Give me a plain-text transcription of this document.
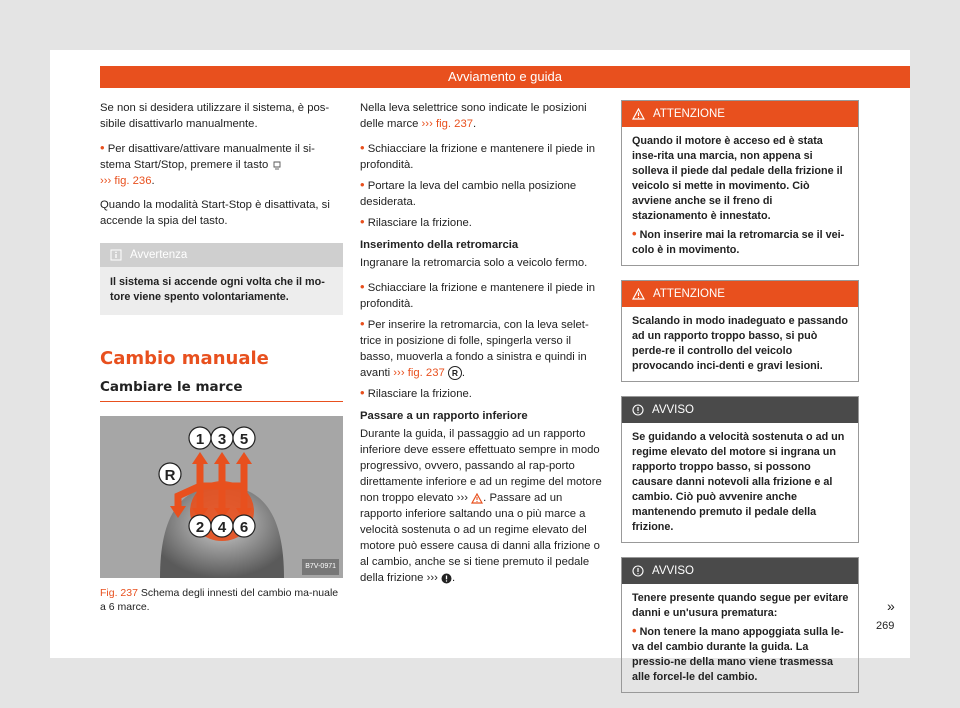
Avviamento e guida

Se non si desidera utilizzare il sistema, è pos-sibile disattivarlo manualmente.

• Per disattivare/attivare manualmente il si-stema Start/Stop, premere il tasto
››› fig. 236.

Quando la modalità Start-Stop è disattivata, si accende la spia del tasto.

Avvertenza
Il sistema si accende ogni volta che il mo-tore viene spento volontariamente.
Cambio manuale
Cambiare le marce
1 3 5
R
2 4 6
B7V-0971
Fig. 237 Schema degli innesti del cambio ma-nuale a 6 marce.

Nella leva selettrice sono indicate le posizioni delle marce ››› fig. 237.

• Schiacciare la frizione e mantenere il piede in profondità.

• Portare la leva del cambio nella posizione desiderata.

• Rilasciare la frizione.

Inserimento della retromarcia

Ingranare la retromarcia solo a veicolo fermo.

• Schiacciare la frizione e mantenere il piede in profondità.

• Per inserire la retromarcia, con la leva selet-trice in posizione di folle, spingerla verso il basso, muoverla a fondo a sinistra e quindi in avanti ››› fig. 237 R .

• Rilasciare la frizione.

Passare a un rapporto inferiore

Durante la guida, il passaggio ad un rapporto inferiore deve essere effettuato sempre in modo progressivo, ovvero, passando al rap-porto direttamente inferiore e ad un regime del motore non troppo elevato ››› . Passare ad un rapporto inferiore saltando una o più marce a velocità sostenuta o ad un regime elevato del motore può essere causa di danni alla frizione o al cambio, anche se si tiene premuto il pedale della frizione ››› .

ATTENZIONE
Quando il motore è acceso ed è stata inse-rita una marcia, non appena si solleva il piede dal pedale della frizione il veicolo si mette in movimento. Ciò avviene anche se il freno di stazionamento è innestato.
• Non inserire mai la retromarcia se il vei-colo è in movimento.
ATTENZIONE
Scalando in modo inadeguato e passando ad un rapporto troppo basso, si può perde-re il controllo del veicolo provocando inci-denti e gravi lesioni.
AVVISO
Se guidando a velocità sostenuta o ad un regime elevato del motore si ingrana un rapporto troppo basso, si possono causare danni notevoli alla frizione e al cambio. Ciò può avvenire anche mantenendo premuto il pedale della frizione.
AVVISO
Tenere presente quando segue per evitare danni e un'usura prematura:
• Non tenere la mano appoggiata sulla le-va del cambio durante la guida. La pressio-ne della mano viene trasmessa alle forcel-le del cambio.
»
269
